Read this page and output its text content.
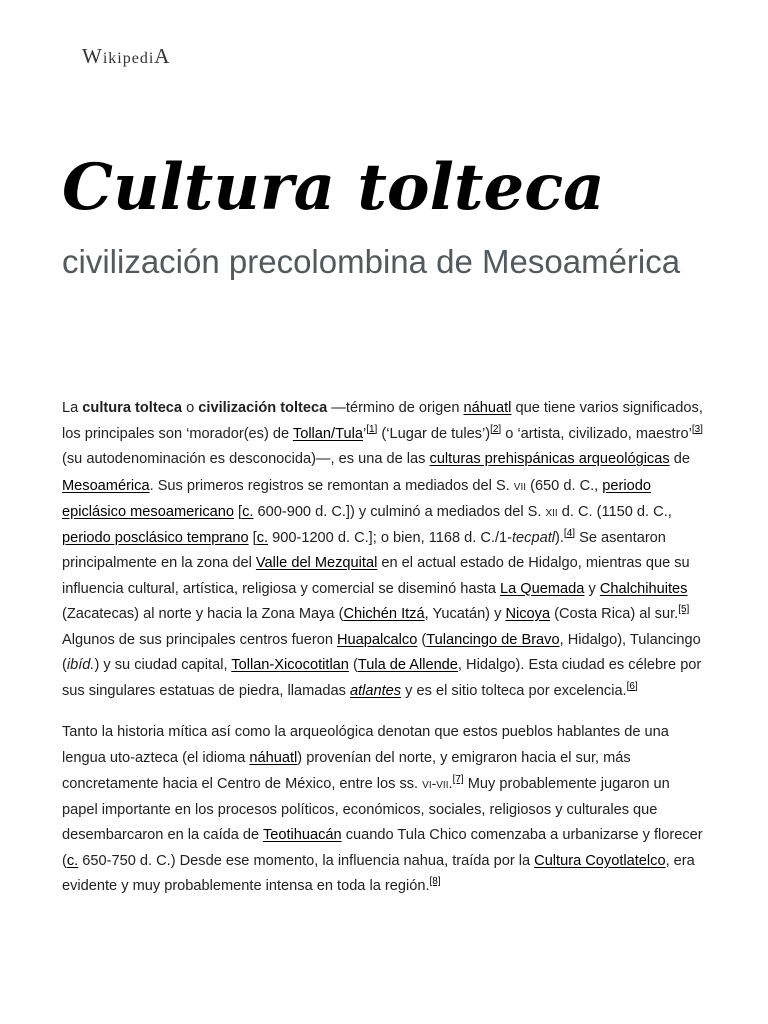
WikipediA
Cultura tolteca
civilización precolombina de Mesoamérica

La cultura tolteca o civilización tolteca —término de origen náhuatl que tiene varios significados, los principales son ‘morador(es) de Tollan/Tula’[1] (‘Lugar de tules’)[2] o ‘artista, civilizado, maestro’[3] (su autodenominación es desconocida)—, es una de las culturas prehispánicas arqueológicas de Mesoamérica. Sus primeros registros se remontan a mediados del S. vii (650 d. C., periodo epiclásico mesoamericano [c. 600-900 d. C.]) y culminó a mediados del S. xii d. C. (1150 d. C., periodo posclásico temprano [c. 900-1200 d. C.]; o bien, 1168 d. C./1-tecpatl).[4] Se asentaron principalmente en la zona del Valle del Mezquital en el actual estado de Hidalgo, mientras que su influencia cultural, artística, religiosa y comercial se diseminó hasta La Quemada y Chalchihuites (Zacatecas) al norte y hacia la Zona Maya (Chichén Itzá, Yucatán) y Nicoya (Costa Rica) al sur.[5] Algunos de sus principales centros fueron Huapalcalco (Tulancingo de Bravo, Hidalgo), Tulancingo (ibíd.) y su ciudad capital, Tollan-Xicocotitlan (Tula de Allende, Hidalgo). Esta ciudad es célebre por sus singulares estatuas de piedra, llamadas atlantes y es el sitio tolteca por excelencia.[6]

Tanto la historia mítica así como la arqueológica denotan que estos pueblos hablantes de una lengua uto-azteca (el idioma náhuatl) provenían del norte, y emigraron hacia el sur, más concretamente hacia el Centro de México, entre los ss. vi-vii.[7] Muy probablemente jugaron un papel importante en los procesos políticos, económicos, sociales, religiosos y culturales que desembarcaron en la caída de Teotihuacán cuando Tula Chico comenzaba a urbanizarse y florecer (c. 650-750 d. C.) Desde ese momento, la influencia nahua, traída por la Cultura Coyotlatelco, era evidente y muy probablemente intensa en toda la región.[8]
